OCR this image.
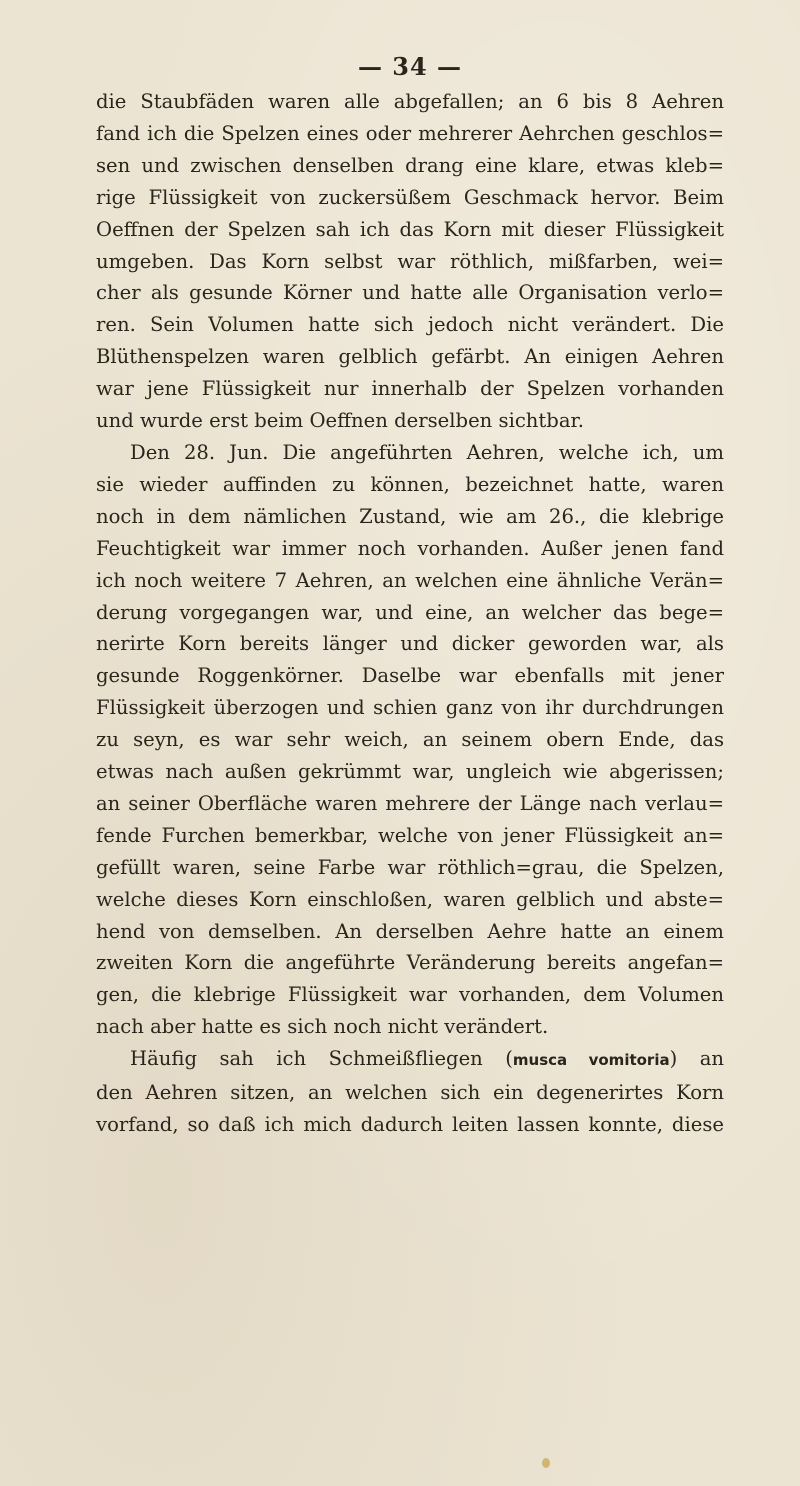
— 34 —
die Staubfäden waren alle abgefallen; an 6 bis 8 Aehren
fand ich die Spelzen eines oder mehrerer Aehrchen geschlos=
sen und zwischen denselben drang eine klare, etwas kleb=
rige Flüssigkeit von zuckersüßem Geschmack hervor. Beim
Oeffnen der Spelzen sah ich das Korn mit dieser Flüssigkeit
umgeben. Das Korn selbst war röthlich, mißfarben, wei=
cher als gesunde Körner und hatte alle Organisation verlo=
ren. Sein Volumen hatte sich jedoch nicht verändert. Die
Blüthenspelzen waren gelblich gefärbt. An einigen Aehren
war jene Flüssigkeit nur innerhalb der Spelzen vorhanden
und wurde erst beim Oeffnen derselben sichtbar.
Den 28. Jun. Die angeführten Aehren, welche ich, um
sie wieder auffinden zu können, bezeichnet hatte, waren
noch in dem nämlichen Zustand, wie am 26., die klebrige
Feuchtigkeit war immer noch vorhanden. Außer jenen fand
ich noch weitere 7 Aehren, an welchen eine ähnliche Verän=
derung vorgegangen war, und eine, an welcher das bege=
nerirte Korn bereits länger und dicker geworden war, als
gesunde Roggenkörner. Daselbe war ebenfalls mit jener
Flüssigkeit überzogen und schien ganz von ihr durchdrungen
zu seyn, es war sehr weich, an seinem obern Ende, das
etwas nach außen gekrümmt war, ungleich wie abgerissen;
an seiner Oberfläche waren mehrere der Länge nach verlau=
fende Furchen bemerkbar, welche von jener Flüssigkeit an=
gefüllt waren, seine Farbe war röthlich=grau, die Spelzen,
welche dieses Korn einschloßen, waren gelblich und abste=
hend von demselben. An derselben Aehre hatte an einem
zweiten Korn die angeführte Veränderung bereits angefan=
gen, die klebrige Flüssigkeit war vorhanden, dem Volumen
nach aber hatte es sich noch nicht verändert.
Häufig sah ich Schmeißfliegen (musca vomitoria) an
den Aehren sitzen, an welchen sich ein degenerirtes Korn
vorfand, so daß ich mich dadurch leiten lassen konnte, diese
